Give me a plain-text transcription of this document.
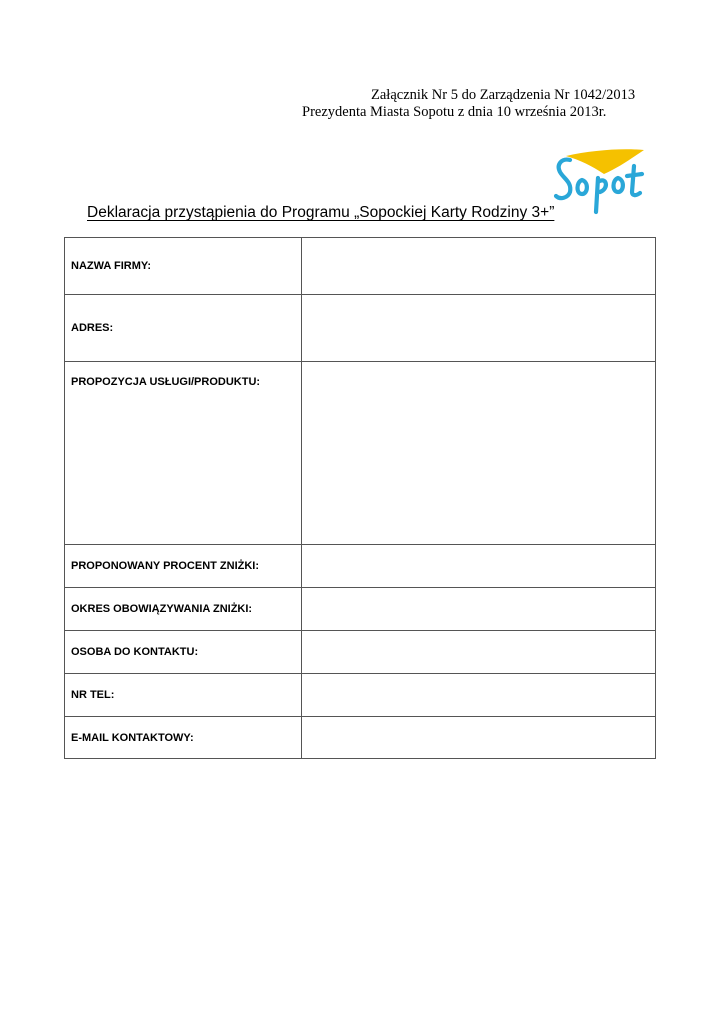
Załącznik Nr 5 do Zarządzenia Nr 1042/2013
Prezydenta Miasta Sopotu z dnia 10 września 2013r.
Deklaracja przystąpienia do Programu „Sopockiej Karty Rodziny 3+”
NAZWA FIRMY:	
ADRES:	
PROPOZYCJA USŁUGI/PRODUKTU:	
PROPONOWANY PROCENT ZNIŻKI:	
OKRES OBOWIĄZYWANIA ZNIŻKI:	
OSOBA DO KONTAKTU:	
NR TEL:	
E-MAIL KONTAKTOWY:	
